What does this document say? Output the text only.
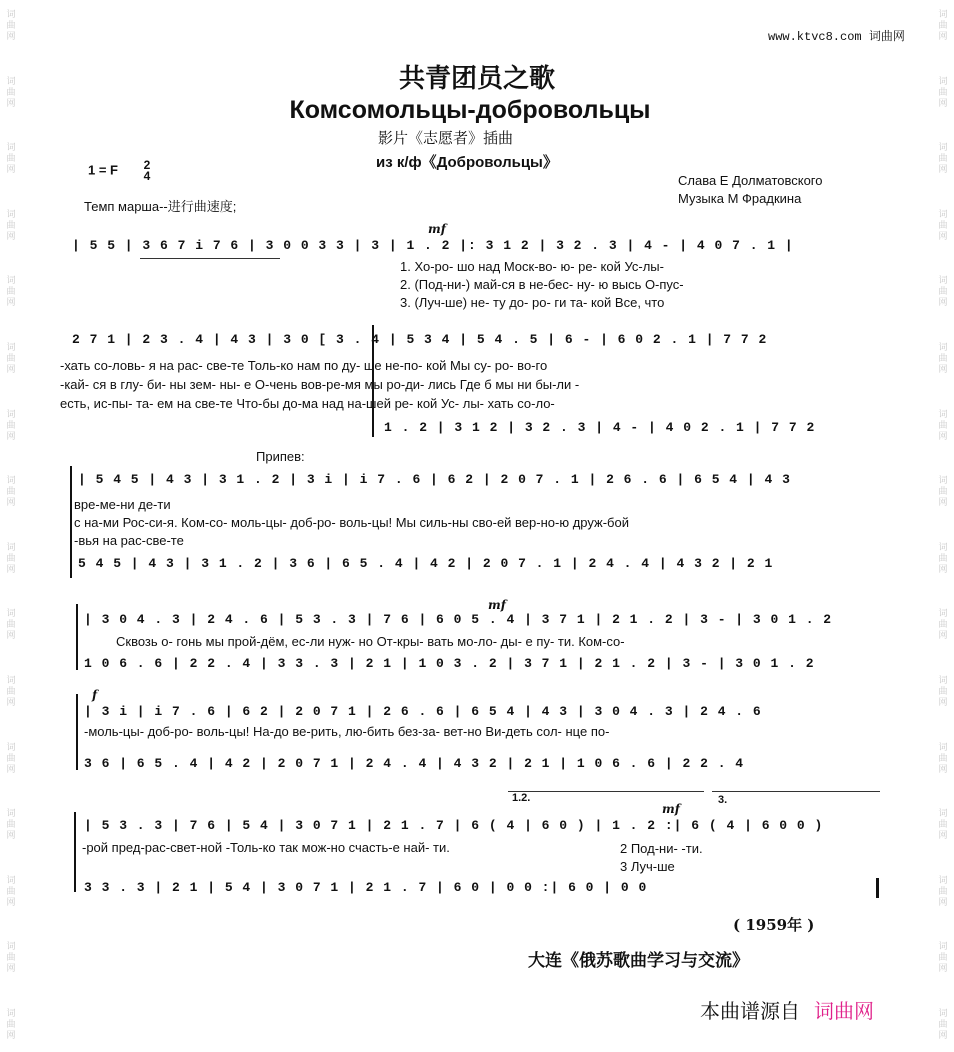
词
曲
网
词
曲
网
词
曲
网
词
曲
网
词
曲
网
词
曲
网
词
曲
网
词
曲
网
词
曲
网
词
曲
网
词
曲
网
词
曲
网
词
曲
网
词
曲
网
词
曲
网
词
曲
网
词
曲
网
词
曲
网
词
曲
网
词
曲
网
词
曲
网
词
曲
网
词
曲
网
词
曲
网
词
曲
网
词
曲
网
词
曲
网
词
曲
网
词
曲
网
词
曲
网
词
曲
网
词
曲
网
www.ktvc8.com 词曲网
共青团员之歌
Комсомольцы-добровольцы
影片《志愿者》插曲
из к/ф《Добровольцы》
1 = F 2
4	Слава Е Долматовского
Музыка М Фрадкина
Темп марша--进行曲速度;
mf
mf
f
mf
| 5 5 | 3 6 7 i 7 6 | 3 0 0 3 3 | 3 | 1 . 2 |: 3 1 2 | 3 2 . 3 | 4 - | 4 0 7 . 1 |
1. Хо-ро- шо над Моск-во- ю- ре- кой Ус-лы-
2. (Под-ни-) май-ся в не-бес- ну- ю высь О-пус-
3. (Луч-ше) не- ту до- ро- ги та- кой Все, что
2 7 1 | 2 3 . 4 | 4 3 | 3 0 [ 3 . 4 | 5 3 4 | 5 4 . 5 | 6 - | 6 0 2 . 1 | 7 7 2
-хать со-ловь- я на рас- све-те Толь-ко нам по ду- ше не-по- кой Мы су- ро- во-го
-кай- ся в глу- би- ны зем- ны- е О-чень вов-ре-мя мы ро-ди- лись Где б мы ни бы-ли -
есть, ис-пы- та- ем на све-те Что-бы до-ма над на-шей ре- кой Ус- лы- хать со-ло-
1 . 2 | 3 1 2 | 3 2 . 3 | 4 - | 4 0 2 . 1 | 7 7 2
Припев:
| 5 4 5 | 4 3 | 3 1 . 2 | 3 i | i 7 . 6 | 6 2 | 2 0 7 . 1 | 2 6 . 6 | 6 5 4 | 4 3
вре-ме-ни де-ти
с на-ми Рос-си-я. Ком-со- моль-цы- доб-ро- воль-цы! Мы силь-ны сво-ей вер-но-ю друж-бой
-вья на рас-све-те
5 4 5 | 4 3 | 3 1 . 2 | 3 6 | 6 5 . 4 | 4 2 | 2 0 7 . 1 | 2 4 . 4 | 4 3 2 | 2 1
| 3 0 4 . 3 | 2 4 . 6 | 5 3 . 3 | 7 6 | 6 0 5 . 4 | 3 7 1 | 2 1 . 2 | 3 - | 3 0 1 . 2
Сквозь о- гонь мы прой-дём, ес-ли нуж- но От-кры- вать мо-ло- ды- е пу- ти. Ком-со-
1 0 6 . 6 | 2 2 . 4 | 3 3 . 3 | 2 1 | 1 0 3 . 2 | 3 7 1 | 2 1 . 2 | 3 - | 3 0 1 . 2
| 3 i | i 7 . 6 | 6 2 | 2 0 7 1 | 2 6 . 6 | 6 5 4 | 4 3 | 3 0 4 . 3 | 2 4 . 6
-моль-цы- доб-ро- воль-цы! На-до ве-рить, лю-бить без-за- вет-но Ви-деть сол- нце по-
3 6 | 6 5 . 4 | 4 2 | 2 0 7 1 | 2 4 . 4 | 4 3 2 | 2 1 | 1 0 6 . 6 | 2 2 . 4
1.2.	3.
| 5 3 . 3 | 7 6 | 5 4 | 3 0 7 1 | 2 1 . 7 | 6 ( 4 | 6 0 ) | 1 . 2 :| 6 ( 4 | 6 0 0 )
-рой пред-рас-свет-ной -Толь-ко так мож-но счасть-е най- ти.	2 Под-ни- -ти.
3 Луч-ше
3 3 . 3 | 2 1 | 5 4 | 3 0 7 1 | 2 1 . 7 | 6 0 | 0 0 :| 6 0 | 0 0
( 1959年 )
大连《俄苏歌曲学习与交流》
本曲谱源自 词曲网
